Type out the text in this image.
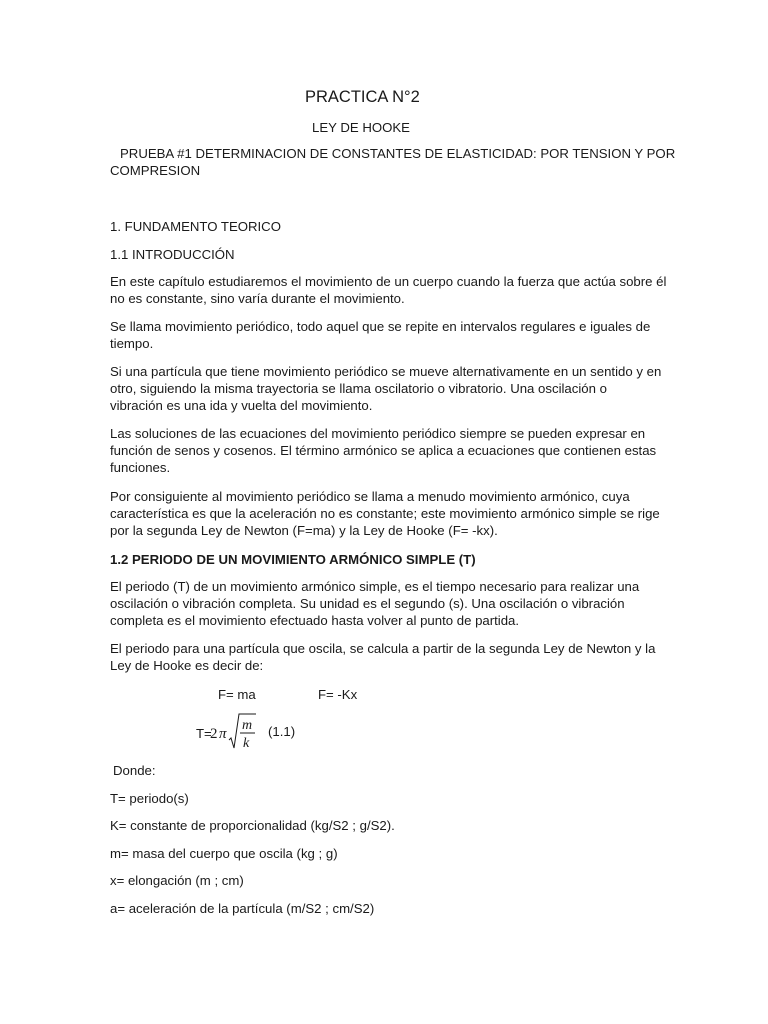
PRACTICA N°2
LEY DE HOOKE
PRUEBA #1 DETERMINACION DE CONSTANTES DE ELASTICIDAD: POR TENSION Y POR
COMPRESION
1. FUNDAMENTO TEORICO
1.1 INTRODUCCIÓN
En este capítulo estudiaremos el movimiento de un cuerpo cuando la fuerza que actúa sobre él
no es constante, sino varía durante el movimiento.
Se llama movimiento periódico, todo aquel que se repite en intervalos regulares e iguales de
tiempo.
Si una partícula que tiene movimiento periódico se mueve alternativamente en un sentido y en
otro, siguiendo la misma trayectoria se llama oscilatorio o vibratorio. Una oscilación o
vibración es una ida y vuelta del movimiento.
Las soluciones de las ecuaciones del movimiento periódico siempre se pueden expresar en
función de senos y cosenos. El término armónico se aplica a ecuaciones que contienen estas
funciones.
Por consiguiente al movimiento periódico se llama a menudo movimiento armónico, cuya
característica es que la aceleración no es constante; este movimiento armónico simple se rige
por la segunda Ley de Newton (F=ma) y la Ley de Hooke (F= -kx).
1.2 PERIODO DE UN MOVIMIENTO ARMÓNICO SIMPLE (T)
El periodo (T) de un movimiento armónico simple, es el tiempo necesario para realizar una
oscilación o vibración completa. Su unidad es el segundo (s). Una oscilación o vibración
completa es el movimiento efectuado hasta volver al punto de partida.
El periodo para una partícula que oscila, se calcula a partir de la segunda Ley de Newton y la
Ley de Hooke es decir de:
F= ma	F= -Kx
T=
2 π
m
k
(1.1)
Donde:
T= periodo(s)
K= constante de proporcionalidad (kg/S2 ; g/S2).
m= masa del cuerpo que oscila (kg ; g)
x= elongación (m ; cm)
a= aceleración de la partícula (m/S2 ; cm/S2)
